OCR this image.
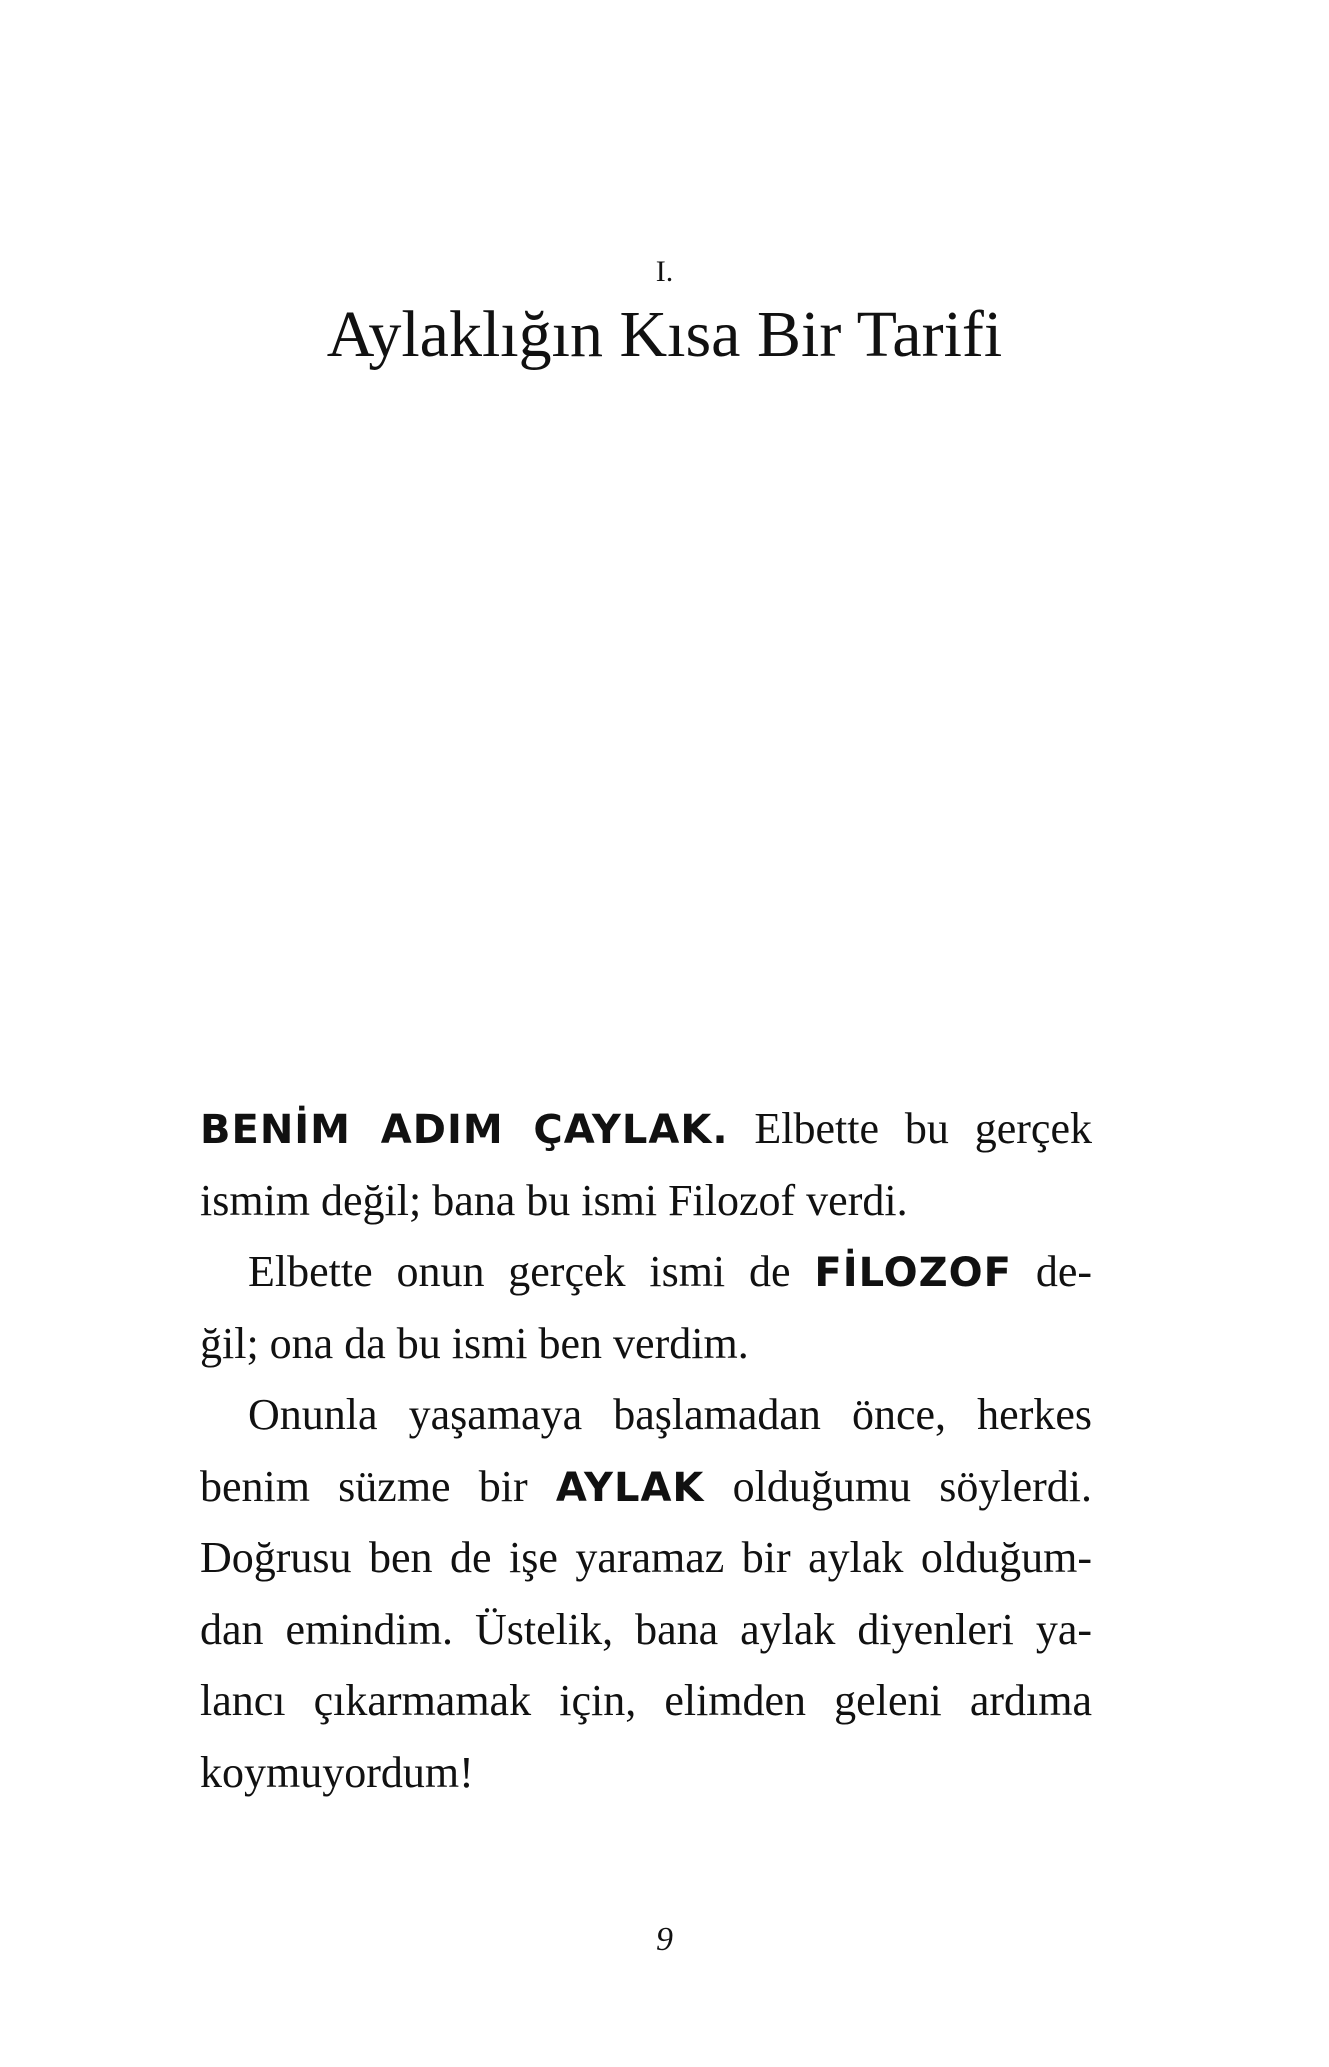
I.
Aylaklığın Kısa Bir Tarifi
BENİM ADIM ÇAYLAK. Elbette bu gerçek
ismim değil; bana bu ismi Filozof verdi.
Elbette onun gerçek ismi de FİLOZOF de-
ğil; ona da bu ismi ben verdim.
Onunla yaşamaya başlamadan önce, herkes
benim süzme bir AYLAK olduğumu söylerdi.
Doğrusu ben de işe yaramaz bir aylak olduğum-
dan emindim. Üstelik, bana aylak diyenleri ya-
lancı çıkarmamak için, elimden geleni ardıma
koymuyordum!
9
